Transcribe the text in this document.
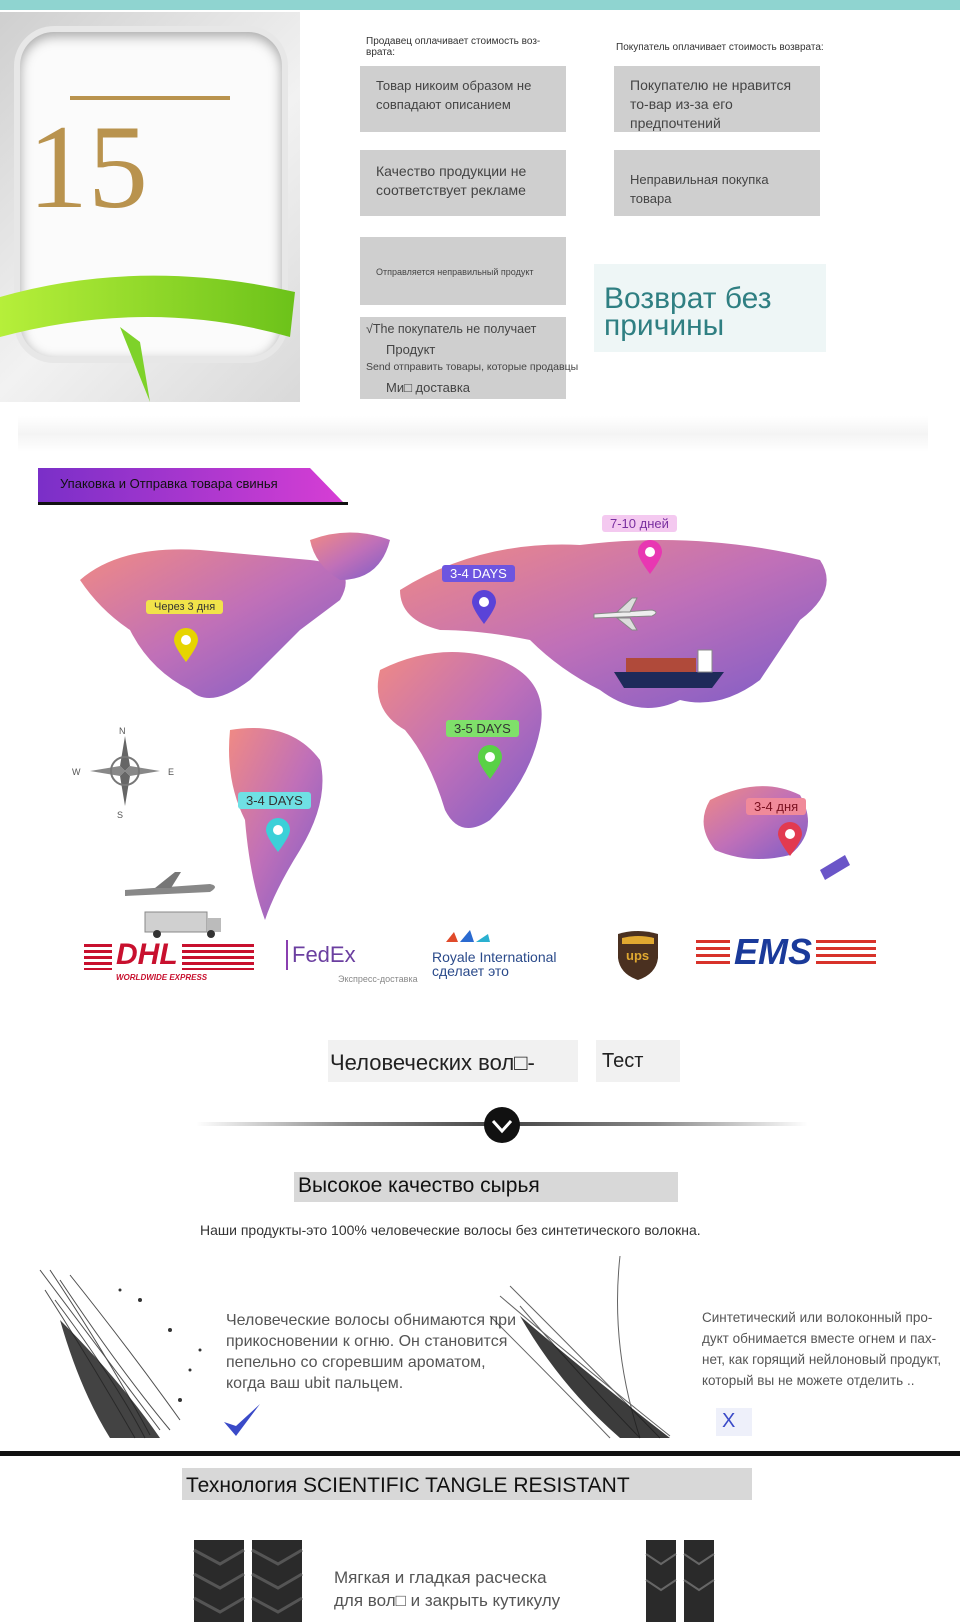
15
Продавец оплачивает стоимость воз-
врата:	Покупатель оплачивает стоимость возврата:
Товар никоим образом не совпадают описанием
Качество продукции не соответствует рекламе
Отправляется неправильный продукт
√The покупатель не получает
Продукт
Send отправить товары, которые продавцы
Ми□ доставка
Покупателю не нравится то-вар из-за его предпочтений
Неправильная покупка товара
Возврат без
причины
Упаковка и Отправка товара свинья
Через 3 дня
3-4 DAYS
7-10 дней
3-5 DAYS
3-4 DAYS	3-4 дня
N
S
E
W
DHL
WORLDWIDE EXPRESS
FedEx
Экспресс-доставка
Royale International
сделает это
ups EMS
Человеческих вол□-	Тест
Высокое качество сырья
Наши продукты-это 100% человеческие волосы без синтетического волокна.
Человеческие волосы обнимаются при прикосновении к огню. Он становится пепельно со сгоревшим ароматом, когда ваш ubit пальцем.
Синтетический или волоконный про-дукт обнимается вместе огнем и пах-нет, как горящий нейлоновый продукт, который вы не можете отделить ..
X
Технология SCIENTIFIC TANGLE RESISTANT
Мягкая и гладкая расческа
для вол□ и закрыть кутикулу
